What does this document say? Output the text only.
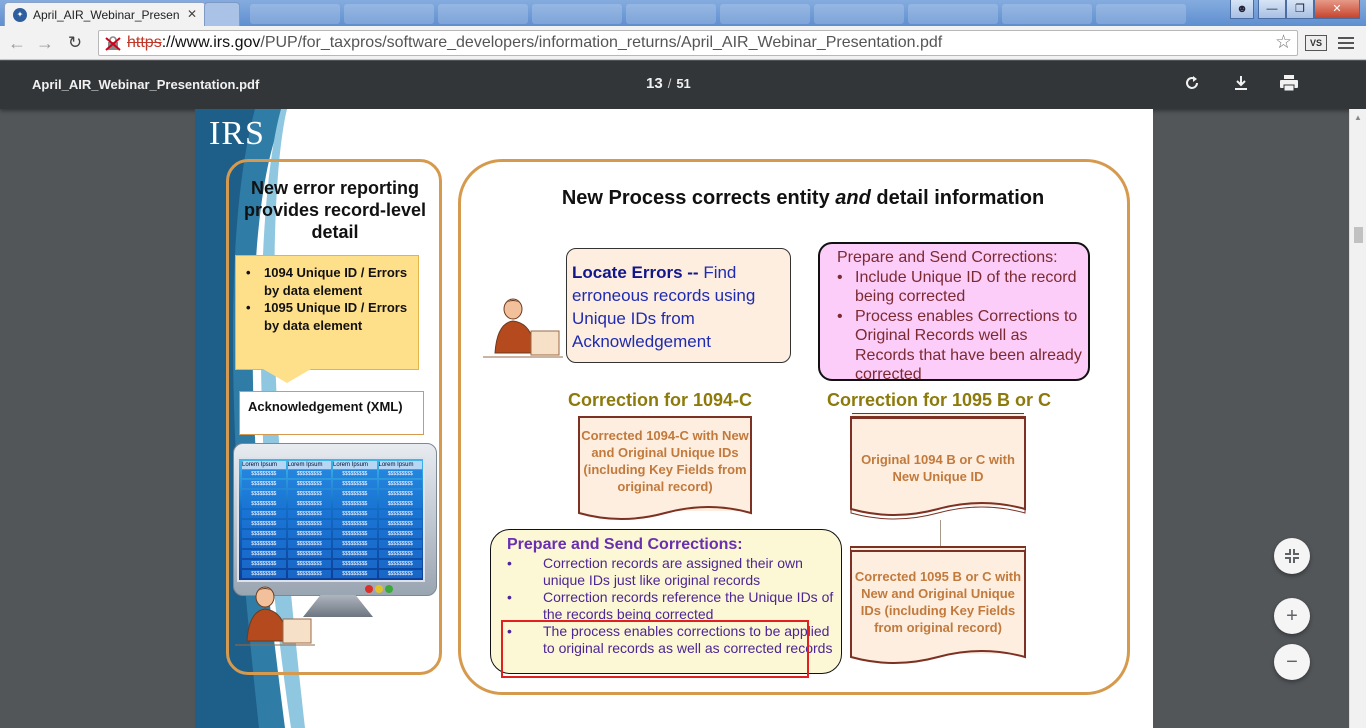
✦ April_AIR_Webinar_Presen ✕	☻	—	❐	✕
← → ↻	https://www.irs.gov/PUP/for_taxpros/software_developers/information_returns/April_AIR_Webinar_Presentation.pdf	☆	VS
April_AIR_Webinar_Presentation.pdf	13 / 51
IRS
New error reporting provides record-level detail
• 1094 Unique ID / Errors by data element
• 1095 Unique ID / Errors by data element
Acknowledgement (XML)
Lorem Ipsum	Lorem Ipsum	Lorem Ipsum	Lorem Ipsum
$$$$$$$$$	$$$$$$$$$	$$$$$$$$$	$$$$$$$$$
$$$$$$$$$	$$$$$$$$$	$$$$$$$$$	$$$$$$$$$
$$$$$$$$$	$$$$$$$$$	$$$$$$$$$	$$$$$$$$$
$$$$$$$$$	$$$$$$$$$	$$$$$$$$$	$$$$$$$$$
$$$$$$$$$	$$$$$$$$$	$$$$$$$$$	$$$$$$$$$
$$$$$$$$$	$$$$$$$$$	$$$$$$$$$	$$$$$$$$$
$$$$$$$$$	$$$$$$$$$	$$$$$$$$$	$$$$$$$$$
$$$$$$$$$	$$$$$$$$$	$$$$$$$$$	$$$$$$$$$
$$$$$$$$$	$$$$$$$$$	$$$$$$$$$	$$$$$$$$$
$$$$$$$$$	$$$$$$$$$	$$$$$$$$$	$$$$$$$$$
$$$$$$$$$	$$$$$$$$$	$$$$$$$$$	$$$$$$$$$
New Process corrects entity and detail information
Locate Errors -- Find erroneous records using Unique IDs from Acknowledgement
Prepare and Send Corrections:
• Include Unique ID of the record being corrected
• Process enables Corrections to Original Records well as Records that have been already corrected
Correction for 1094-C	Correction for 1095 B or C
Corrected 1094-C with New and Original Unique IDs (including Key Fields from original record)
Original 1094 B or C with New Unique ID
Corrected 1095 B or C with New and Original Unique IDs (including Key Fields from original record)
Prepare and Send Corrections:
• Correction records are assigned their own unique IDs just like original records
• Correction records reference the Unique IDs of the records being corrected
• The process enables corrections to be applied to original records as well as corrected records
▲
+
−
